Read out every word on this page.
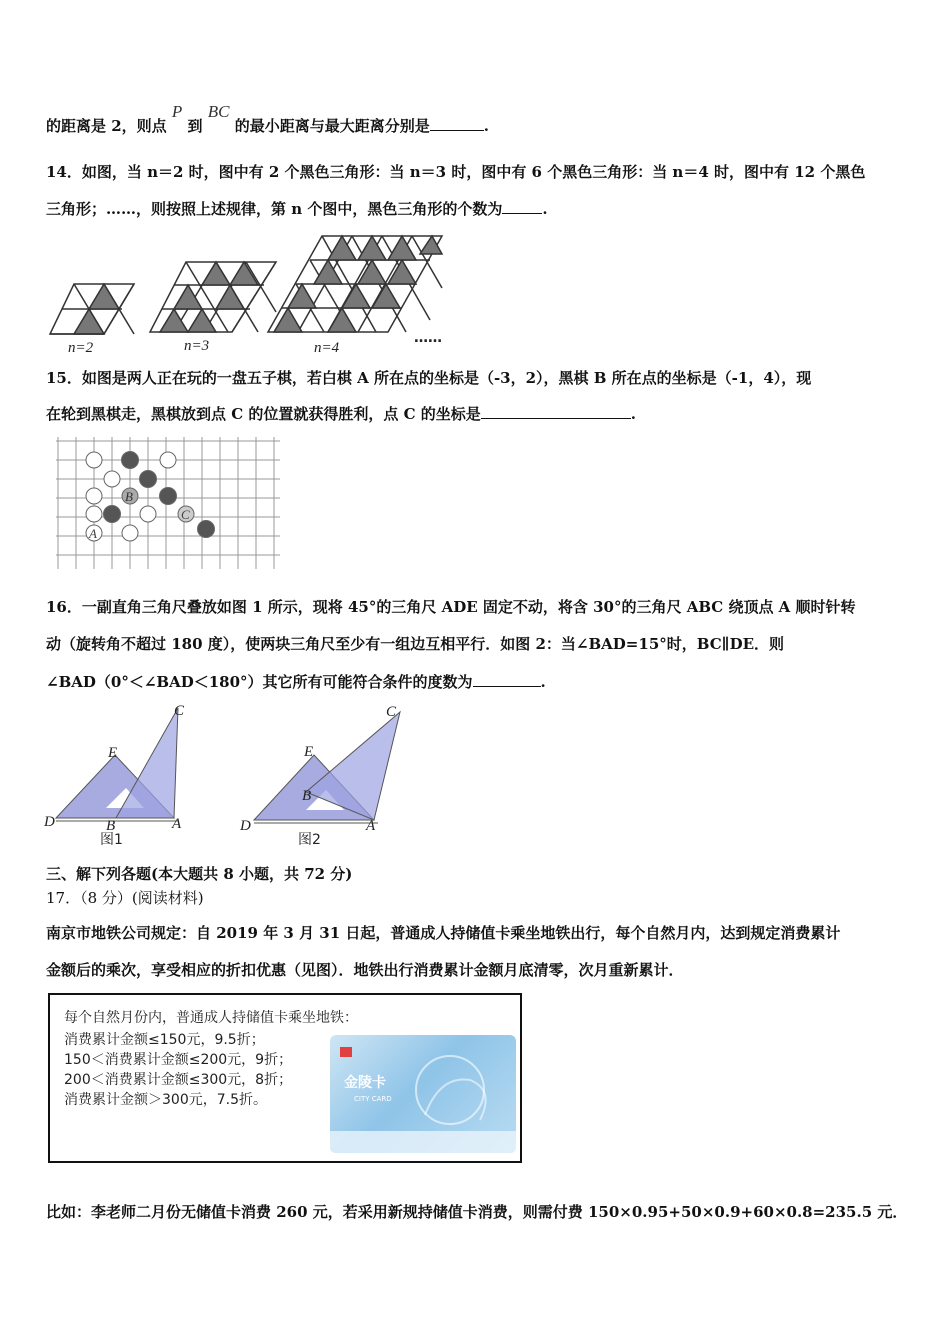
的距离是 2，则点 P 到 BC 的最小距离与最大距离分别是	.
14．如图，当 n＝2 时，图中有 2 个黑色三角形：当 n＝3 时，图中有 6 个黑色三角形：当 n＝4 时，图中有 12 个黑色
三角形；……，则按照上述规律，第 n 个图中，黑色三角形的个数为	.
n=2	n=3	n=4
……
15．如图是两人正在玩的一盘五子棋，若白棋 A 所在点的坐标是（-3，2），黑棋 B 所在点的坐标是（-1，4），现
在轮到黑棋走，黑棋放到点 C 的位置就获得胜利，点 C 的坐标是	.
A
B
C
16．一副直角三角尺叠放如图 1 所示，现将 45°的三角尺 ADE 固定不动，将含 30°的三角尺 ABC 绕顶点 A 顺时针转
动（旋转角不超过 180 度），使两块三角尺至少有一组边互相平行．如图 2：当∠BAD=15°时，BC∥DE．则
∠BAD（0°＜∠BAD＜180°）其它所有可能符合条件的度数为	.
C
E
D	B	A
图1
C
E
D
B
A
图2
三、解下列各题(本大题共 8 小题，共 72 分)
17．（8 分）(阅读材料)
南京市地铁公司规定：自 2019 年 3 月 31 日起，普通成人持储值卡乘坐地铁出行，每个自然月内，达到规定消费累计
金额后的乘次，享受相应的折扣优惠（见图）．地铁出行消费累计金额月底清零，次月重新累计．
每个自然月份内，普通成人持储值卡乘坐地铁：
消费累计金额≤150元，9.5折；
150＜消费累计金额≤200元，9折；
200＜消费累计金额≤300元，8折；
消费累计金额＞300元，7.5折。
金陵卡
CITY CARD
比如：李老师二月份无储值卡消费 260 元，若采用新规持储值卡消费，则需付费 150×0.95+50×0.9+60×0.8=235.5 元．
